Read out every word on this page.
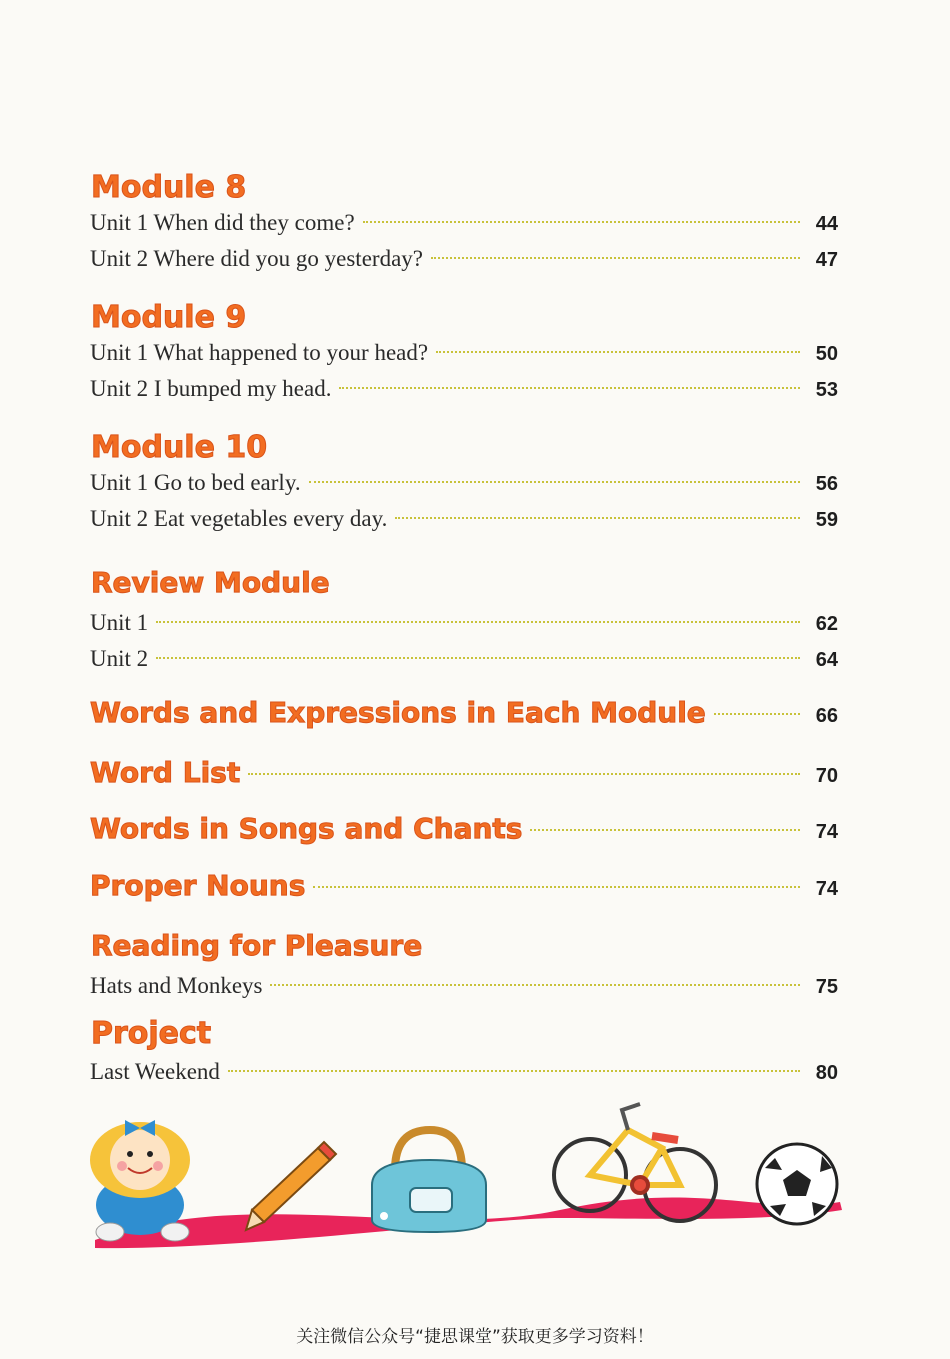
Module 8
Unit 1 When did they come?	44
Unit 2 Where did you go yesterday?	47
Module 9
Unit 1 What happened to your head?	50
Unit 2 I bumped my head.	53
Module 10
Unit 1 Go to bed early.	56
Unit 2 Eat vegetables every day.	59
Review Module
Unit 1	62
Unit 2	64
Words and Expressions in Each Module	66
Word List	70
Words in Songs and Chants	74
Proper Nouns	74
Reading for Pleasure
Hats and Monkeys	75
Project
Last Weekend	80
关注微信公众号“捷思课堂”获取更多学习资料！
